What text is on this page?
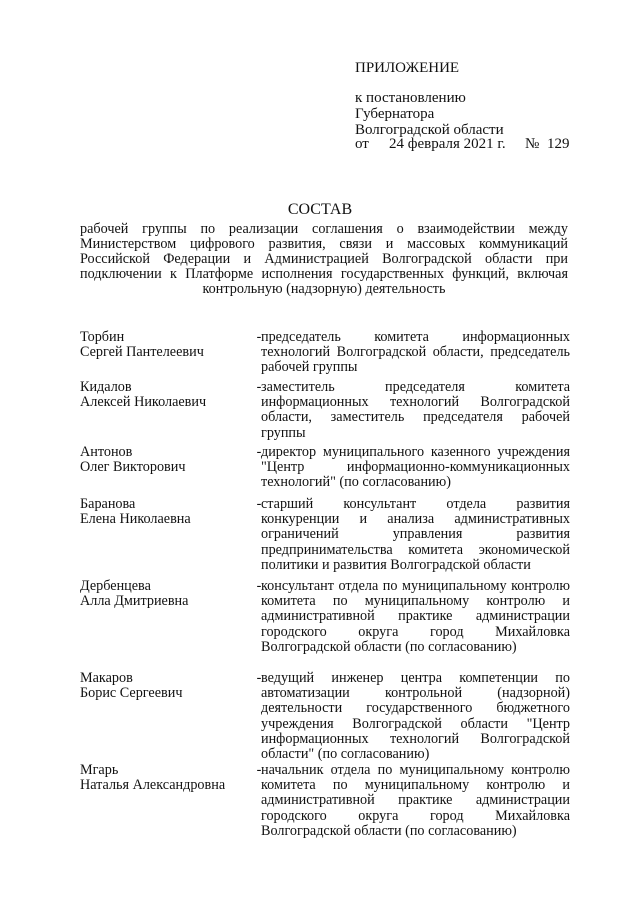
ПРИЛОЖЕНИЕ
к постановлению
Губернатора
Волгоградской области
от 24 февраля 2021 г. № 129
СОСТАВ
рабочей группы по реализации соглашения о взаимодействии между Министерством цифрового развития, связи и массовых коммуникаций Российской Федерации и Администрацией Волгоградской области при подключении к Платформе исполнения государственных функций, включая контрольную (надзорную) деятельность
Торбин
Сергей Пантелеевич
- председатель комитета информационных технологий Волгоградской области, председатель рабочей группы
Кидалов
Алексей Николаевич
- заместитель председателя комитета информационных технологий Волгоградской области, заместитель председателя рабочей группы
Антонов
Олег Викторович
- директор муниципального казенного учреждения "Центр информационно-коммуникационных технологий" (по согласованию)
Баранова
Елена Николаевна
- старший консультант отдела развития конкуренции и анализа административных ограничений управления развития предпринимательства комитета экономической политики и развития Волгоградской области
Дербенцева
Алла Дмитриевна
- консультант отдела по муниципальному контролю комитета по муниципальному контролю и административной практике администрации городского округа город Михайловка Волгоградской области (по согласованию)
Макаров
Борис Сергеевич
- ведущий инженер центра компетенции по автоматизации контрольной (надзорной) деятельности государственного бюджетного учреждения Волгоградской области "Центр информационных технологий Волгоградской области" (по согласованию)
Мгарь
Наталья Александровна
- начальник отдела по муниципальному контролю комитета по муниципальному контролю и административной практике администрации городского округа город Михайловка Волгоградской области (по согласованию)
